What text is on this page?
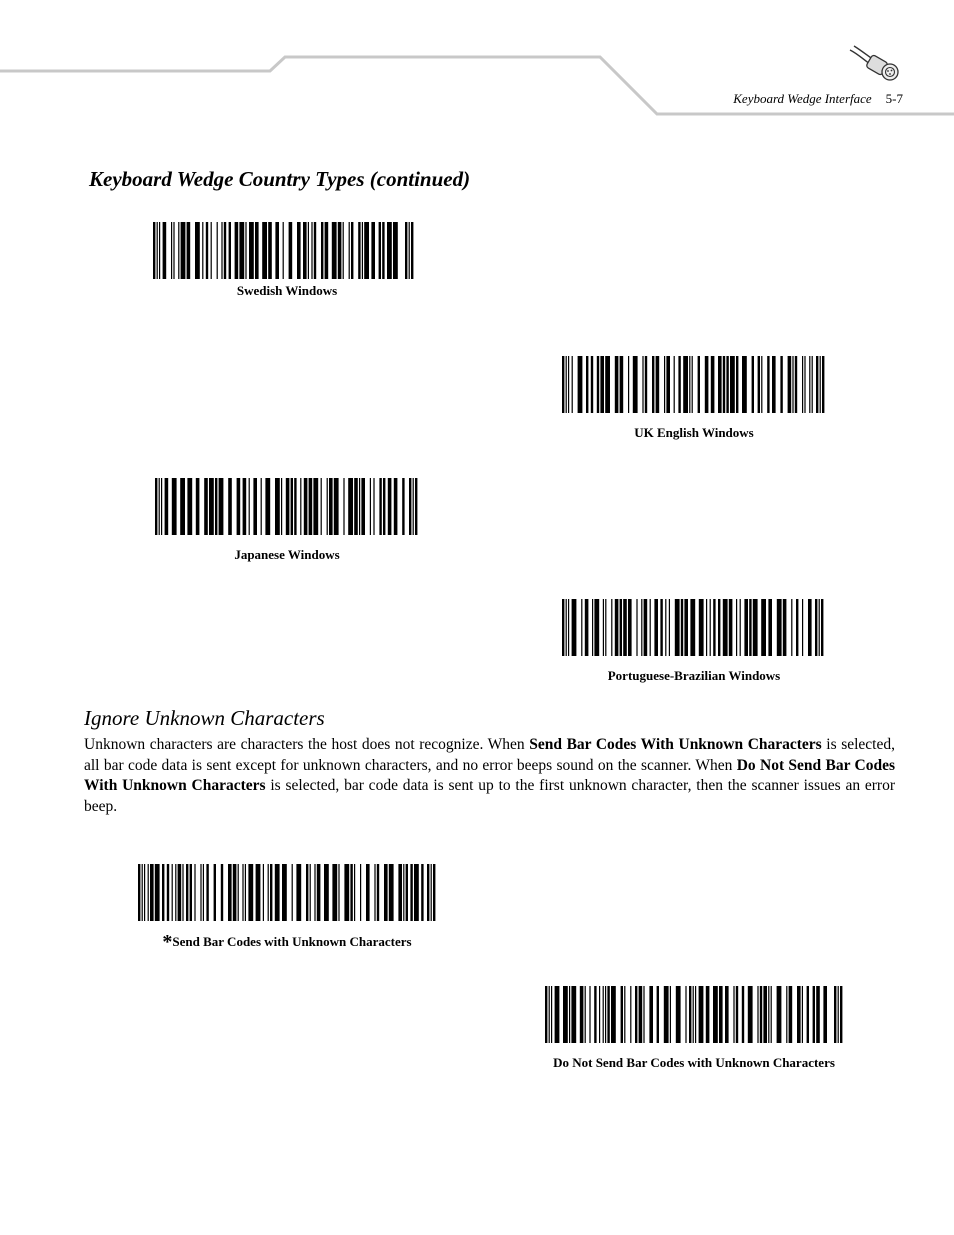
Keyboard Wedge Interface 5-7
Keyboard Wedge Country Types (continued)
Swedish Windows
UK English Windows
Japanese Windows
Portuguese-Brazilian Windows
Ignore Unknown Characters

Unknown characters are characters the host does not recognize. When Send Bar Codes With Unknown Characters is selected, all bar code data is sent except for unknown characters, and no error beeps sound on the scanner. When Do Not Send Bar Codes With Unknown Characters is selected, bar code data is sent up to the first unknown character, then the scanner issues an error beep.

*Send Bar Codes with Unknown Characters
Do Not Send Bar Codes with Unknown Characters
